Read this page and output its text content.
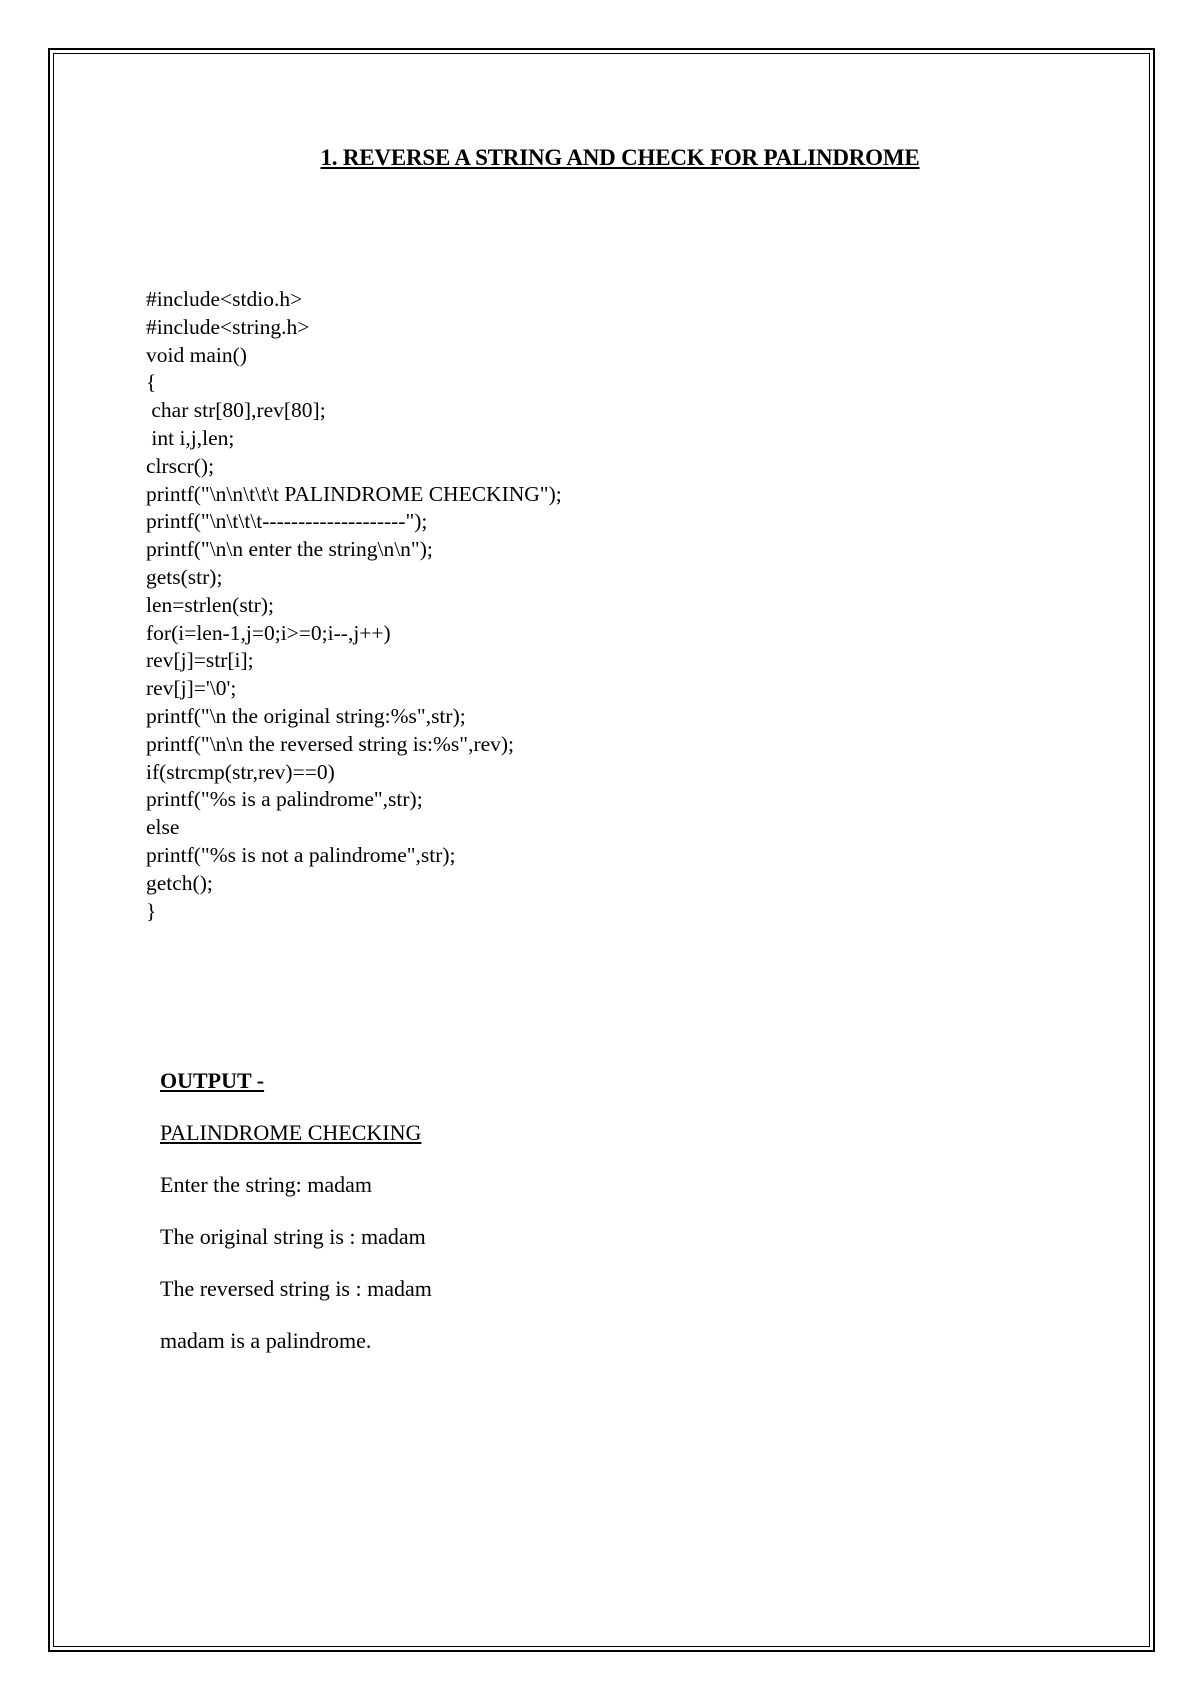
1. REVERSE A STRING AND CHECK FOR PALINDROME
#include<stdio.h>
#include<string.h>
void main()
{
char str[80],rev[80];
int i,j,len;
clrscr();
printf("\n\n\t\t\t PALINDROME CHECKING");
printf("\n\t\t\t--------------------");
printf("\n\n enter the string\n\n");
gets(str);
len=strlen(str);
for(i=len-1,j=0;i>=0;i--,j++)
rev[j]=str[i];
rev[j]='\0';
printf("\n the original string:%s",str);
printf("\n\n the reversed string is:%s",rev);
if(strcmp(str,rev)==0)
printf("%s is a palindrome",str);
else
printf("%s is not a palindrome",str);
getch();
}
OUTPUT -
PALINDROME CHECKING
Enter the string: madam
The original string is : madam
The reversed string is : madam
madam is a palindrome.
